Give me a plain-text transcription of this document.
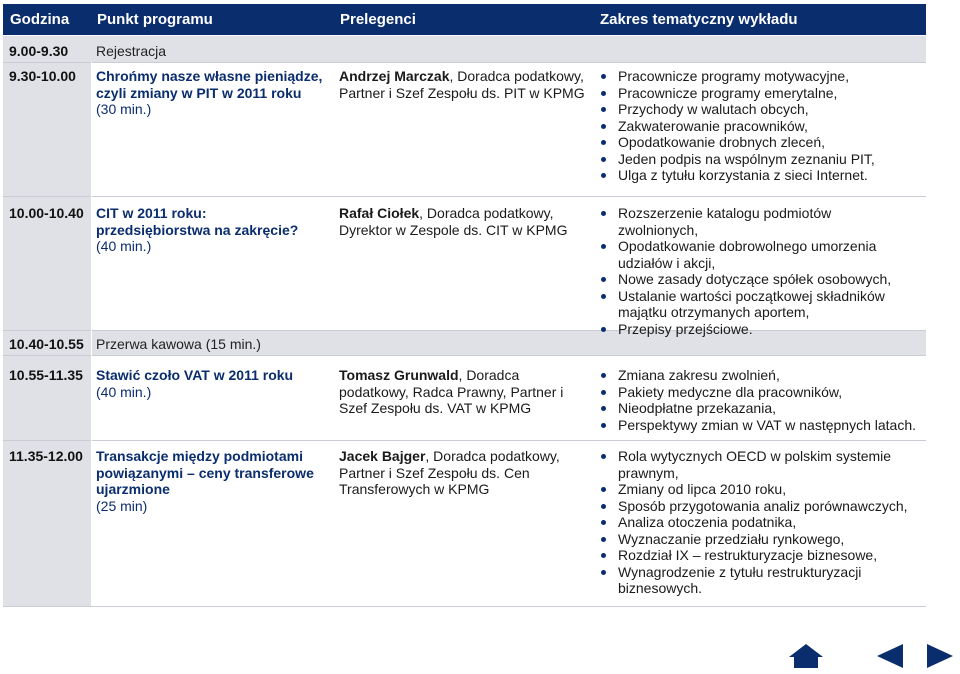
Godzina Punkt programu	Prelegenci	Zakres tematyczny wykładu
9.00-9.30 Rejestracja
9.30-10.00 Chrońmy nasze własne pieniądze, czyli zmiany w PIT w 2011 roku
(30 min.)
Andrzej Marczak, Doradca podatkowy, Partner i Szef Zespołu ds. PIT w KPMG
Pracownicze programy motywacyjne,
Pracownicze programy emerytalne,
Przychody w walutach obcych,
Zakwaterowanie pracowników,
Opodatkowanie drobnych zleceń,
Jeden podpis na wspólnym zeznaniu PIT,
Ulga z tytułu korzystania z sieci Internet.
10.00-10.40 CIT w 2011 roku: przedsiębiorstwa na zakręcie?
(40 min.)
Rafał Ciołek, Doradca podatkowy, Dyrektor w Zespole ds. CIT w KPMG
Rozszerzenie katalogu podmiotów zwolnionych,
Opodatkowanie dobrowolnego umorzenia udziałów i akcji,
Nowe zasady dotyczące spółek osobowych,
Ustalanie wartości początkowej składników majątku otrzymanych aportem,
Przepisy przejściowe.
10.40-10.55 Przerwa kawowa (15 min.)
10.55-11.35 Stawić czoło VAT w 2011 roku
(40 min.)
Tomasz Grunwald, Doradca podatkowy, Radca Prawny, Partner i Szef Zespołu ds. VAT w KPMG
Zmiana zakresu zwolnień,
Pakiety medyczne dla pracowników,
Nieodpłatne przekazania,
Perspektywy zmian w VAT w następnych latach.
11.35-12.00 Transakcje między podmiotami powiązanymi – ceny transferowe ujarzmione
(25 min)
Jacek Bajger, Doradca podatkowy, Partner i Szef Zespołu ds. Cen Transferowych w KPMG
Rola wytycznych OECD w polskim systemie prawnym,
Zmiany od lipca 2010 roku,
Sposób przygotowania analiz porównawczych,
Analiza otoczenia podatnika,
Wyznaczanie przedziału rynkowego,
Rozdział IX – restrukturyzacje biznesowe,
Wynagrodzenie z tytułu restrukturyzacji biznesowych.
